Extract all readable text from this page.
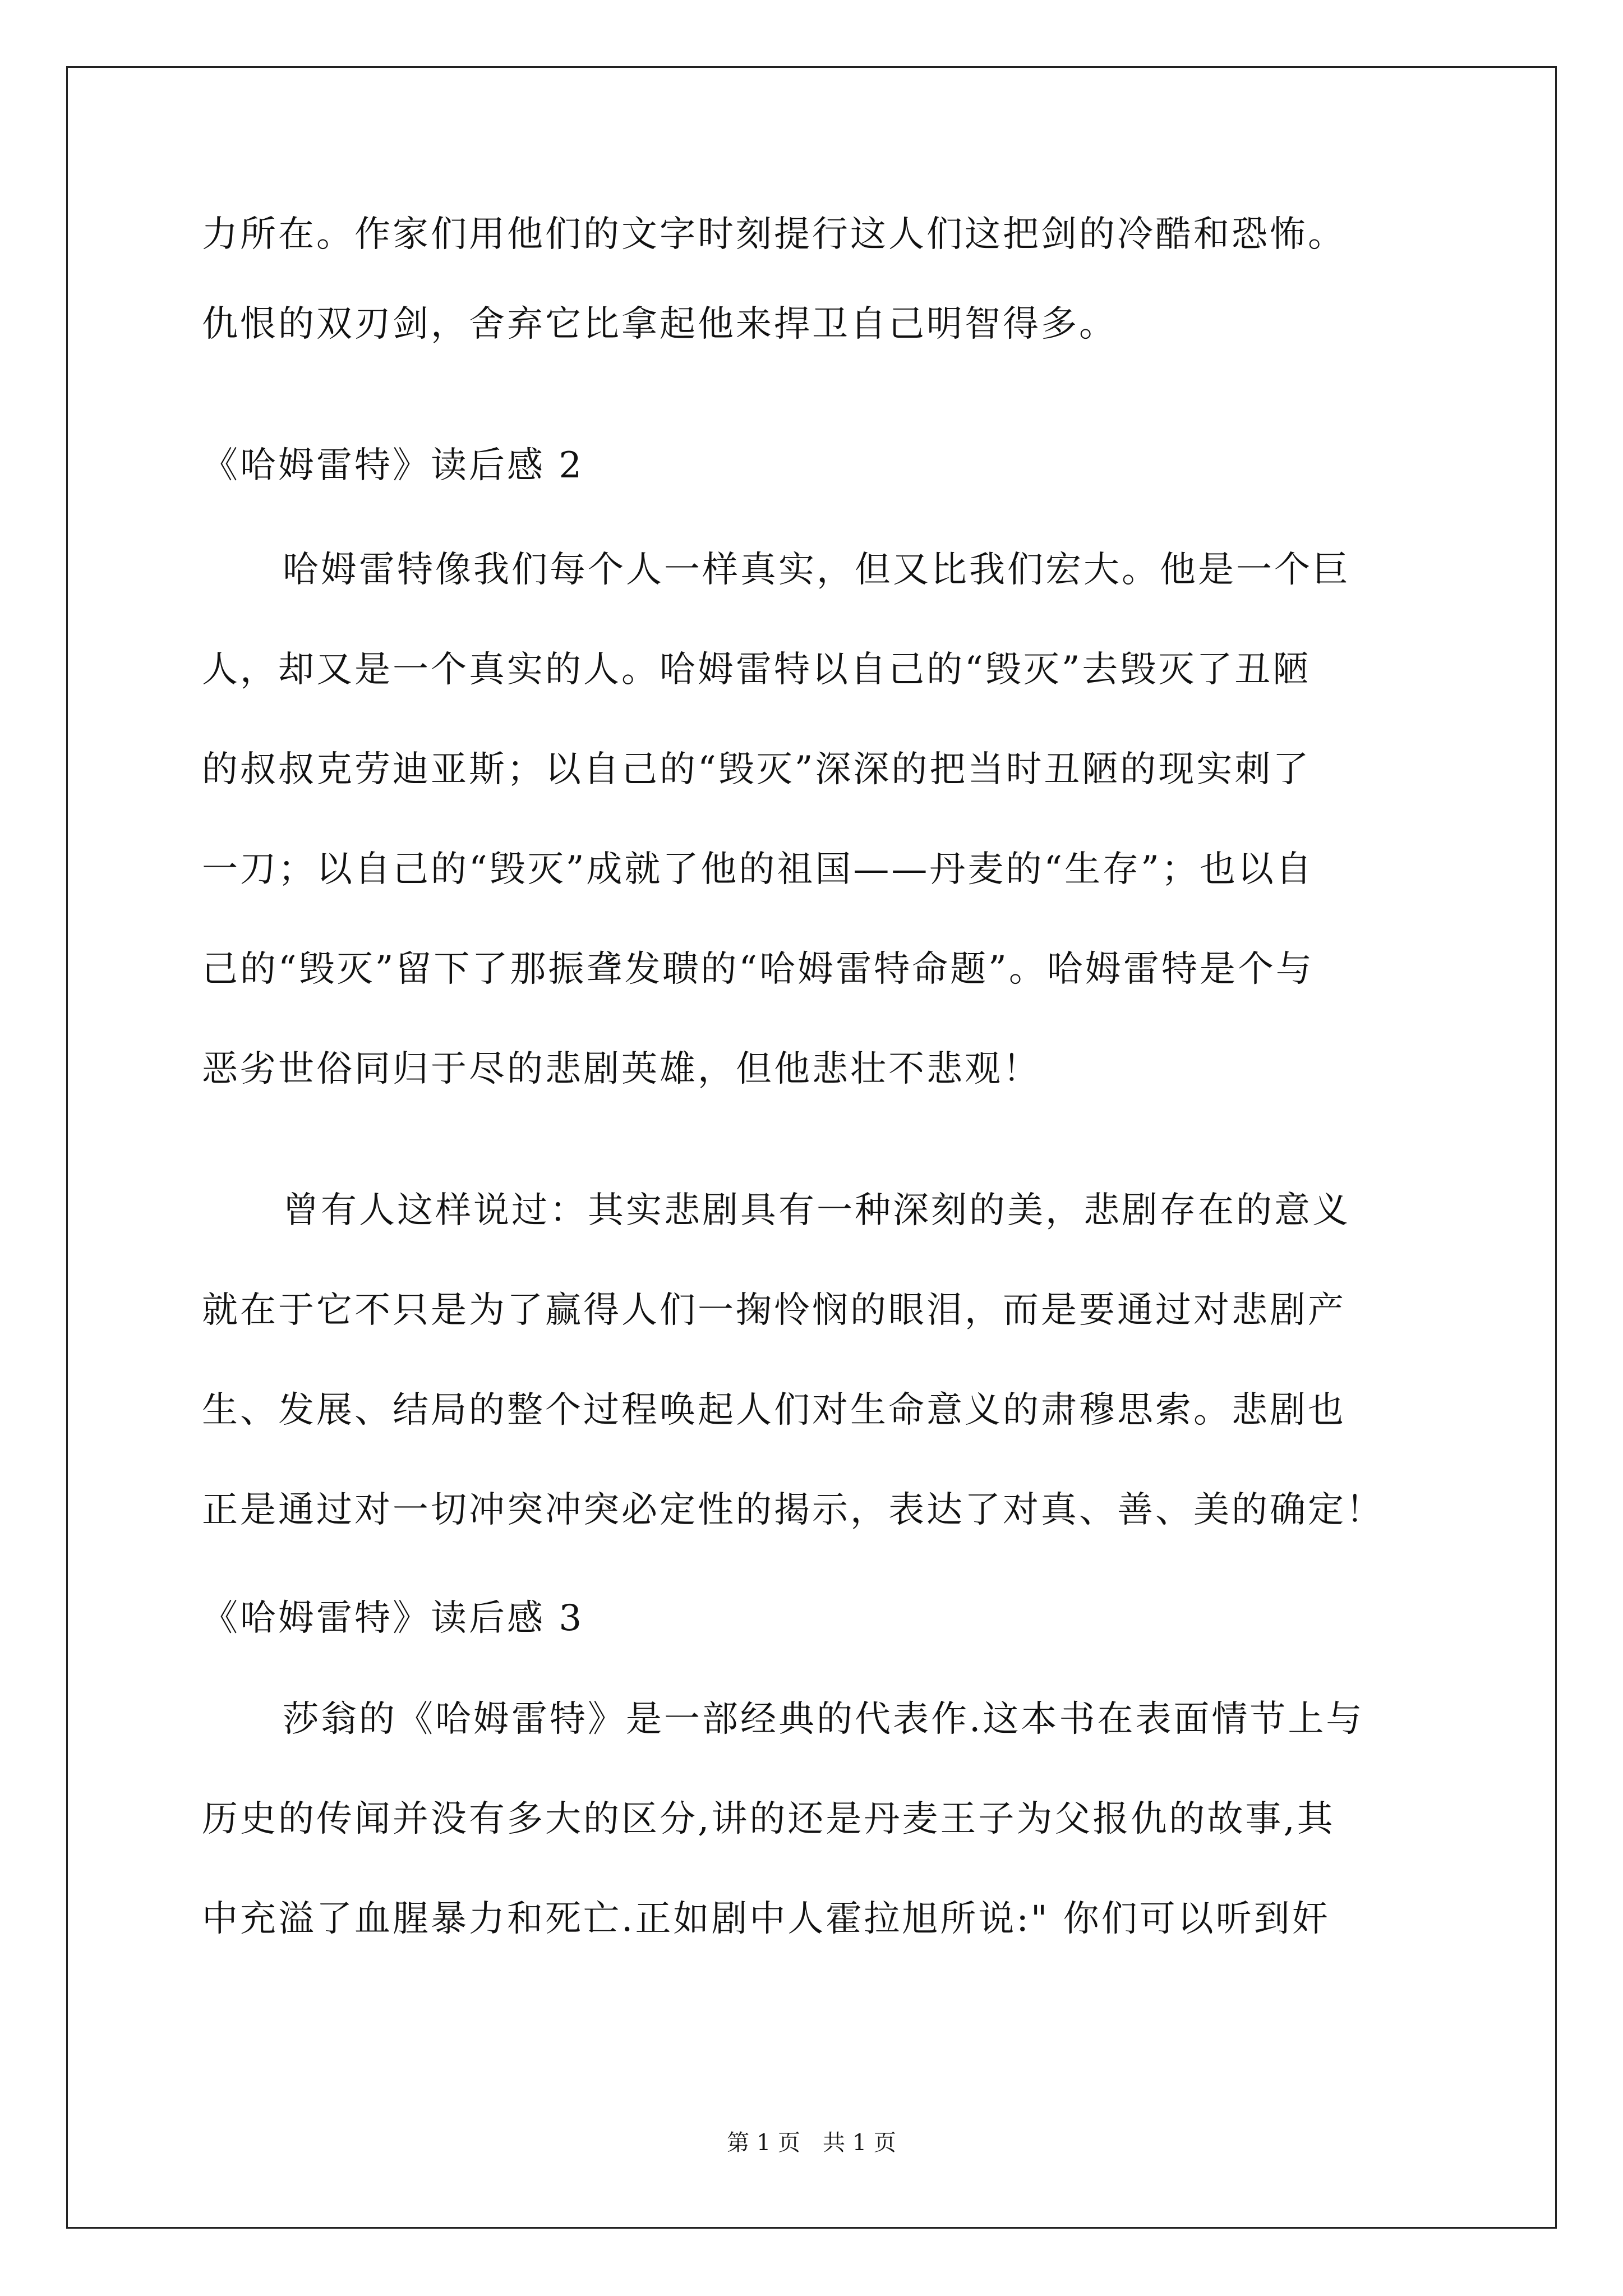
力所在。作家们用他们的文字时刻提行这人们这把剑的冷酷和恐怖。
仇恨的双刃剑，舍弃它比拿起他来捍卫自己明智得多。
《哈姆雷特》读后感 2
哈姆雷特像我们每个人一样真实，但又比我们宏大。他是一个巨
人，却又是一个真实的人。哈姆雷特以自己的“毁灭”去毁灭了丑陋
的叔叔克劳迪亚斯；以自己的“毁灭”深深的把当时丑陋的现实刺了
一刀；以自己的“毁灭”成就了他的祖国——丹麦的“生存”；也以自
己的“毁灭”留下了那振聋发聩的“哈姆雷特命题”。哈姆雷特是个与
恶劣世俗同归于尽的悲剧英雄，但他悲壮不悲观！
曾有人这样说过：其实悲剧具有一种深刻的美，悲剧存在的意义
就在于它不只是为了赢得人们一掬怜悯的眼泪，而是要通过对悲剧产
生、发展、结局的整个过程唤起人们对生命意义的肃穆思索。悲剧也
正是通过对一切冲突冲突必定性的揭示，表达了对真、善、美的确定！
《哈姆雷特》读后感 3
莎翁的《哈姆雷特》是一部经典的代表作.这本书在表面情节上与
历史的传闻并没有多大的区分,讲的还是丹麦王子为父报仇的故事,其
中充溢了血腥暴力和死亡.正如剧中人霍拉旭所说:" 你们可以听到奸
第 1 页 共 1 页
